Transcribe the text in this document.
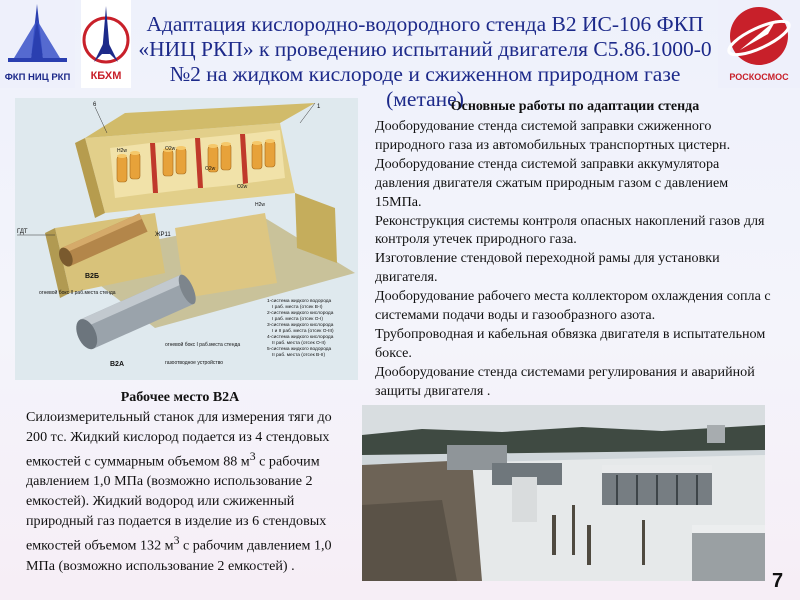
ФКП НИЦ РКП	КБХМ	РОСКОСМОС
Адаптация кислородно-водородного стенда В2 ИС-106 ФКП
«НИЦ РКП» к проведению испытаний двигателя С5.86.1000-0
№2 на жидком кислороде и сжиженном природном газе (метане)
6	1
ГДТ	ЖР11
В2Б
В2А
Н2w	О2w
О2w
О2w
Н2w
огневой бокс II раб.места стенда
огневой бокс I раб.места стенда
газоотводное устройство
1-система жидкого водорода
I раб. места (отсек В-I)
2-система жидкого кислорода
I раб. места (отсек О-I)
3-система жидкого кислорода
I и II раб. места (отсек О-III)
4-система жидкого кислорода
II раб. места (отсек О-II)
5-система жидкого водорода
II раб. места (отсек В-II)
Основные работы по адаптации стенда

Дооборудование стенда системой заправки сжиженного природного газа из автомобильных транспортных цистерн.

Дооборудование стенда системой заправки аккумулятора давления двигателя сжатым природным газом с давлением 15МПа.

Реконструкция системы контроля опасных накоплений газов для контроля утечек природного газа.

Изготовление стендовой переходной рамы для установки двигателя.

Дооборудование рабочего места коллектором охлаждения сопла с системами подачи воды и газообразного азота.

Трубопроводная и кабельная обвязка двигателя в испытательном боксе.

Дооборудование стенда системами регулирования и аварийной защиты двигателя .

Рабочее место В2А
Силоизмерительный станок для измерения тяги до 200 тс. Жидкий кислород подается из 4 стендовых емкостей с суммарным объемом 88 $м^3$ с рабочим давлением 1,0 МПа (возможно использование 2 емкостей). Жидкий водород или сжиженный природный газ подается в изделие из 6 стендовых емкостей объемом 132 $м^3$ с рабочим давлением 1,0 МПа (возможно использование 2 емкостей) .
7
